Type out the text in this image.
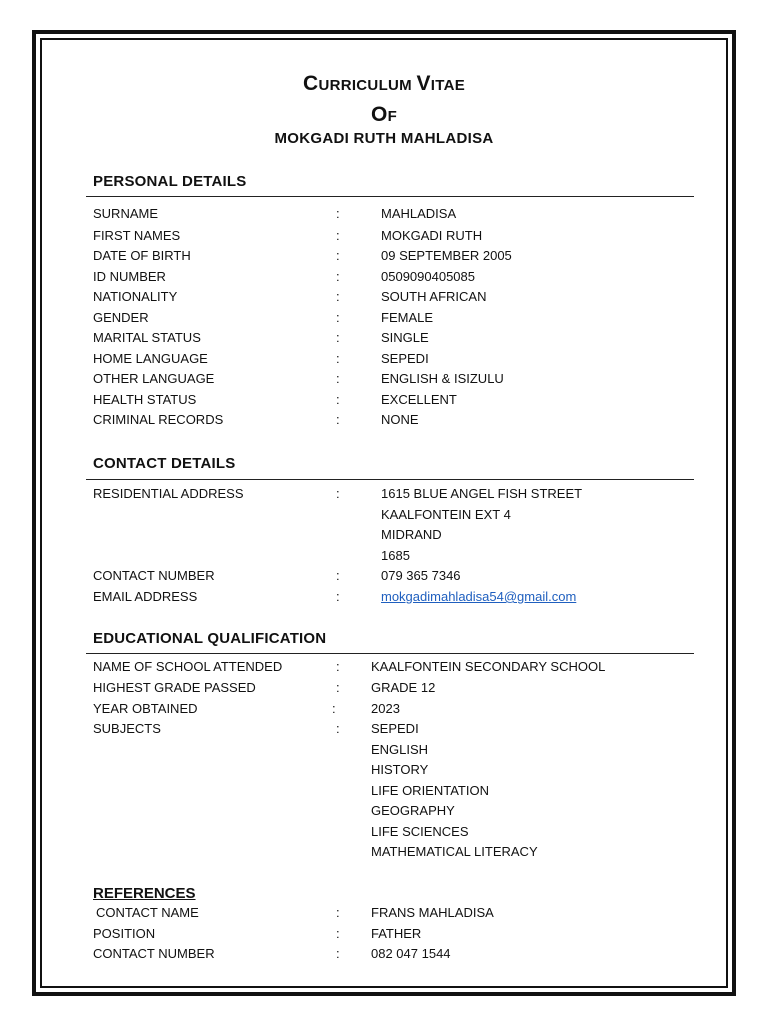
CURRICULUM VITAE
OF
MOKGADI RUTH MAHLADISA
PERSONAL DETAILS
SURNAME	:	MAHLADISA
FIRST NAMES	:	MOKGADI RUTH
DATE OF BIRTH	:	09 SEPTEMBER 2005
ID NUMBER	:	0509090405085
NATIONALITY	:	SOUTH AFRICAN
GENDER	:	FEMALE
MARITAL STATUS	:	SINGLE
HOME LANGUAGE	:	SEPEDI
OTHER LANGUAGE	:	ENGLISH & ISIZULU
HEALTH STATUS	:	EXCELLENT
CRIMINAL RECORDS	:	NONE
CONTACT DETAILS
RESIDENTIAL ADDRESS	:	1615 BLUE ANGEL FISH STREET
KAALFONTEIN EXT 4
MIDRAND
1685
CONTACT NUMBER	:	079 365 7346
EMAIL ADDRESS	:	mokgadimahladisa54@gmail.com
EDUCATIONAL QUALIFICATION
NAME OF SCHOOL ATTENDED	: KAALFONTEIN SECONDARY SCHOOL
HIGHEST GRADE PASSED	: GRADE 12
YEAR OBTAINED	:	2023
SUBJECTS	: SEPEDI
ENGLISH
HISTORY
LIFE ORIENTATION
GEOGRAPHY
LIFE SCIENCES
MATHEMATICAL LITERACY
REFERENCES
CONTACT NAME	: FRANS MAHLADISA
POSITION	: FATHER
CONTACT NUMBER	: 082 047 1544
